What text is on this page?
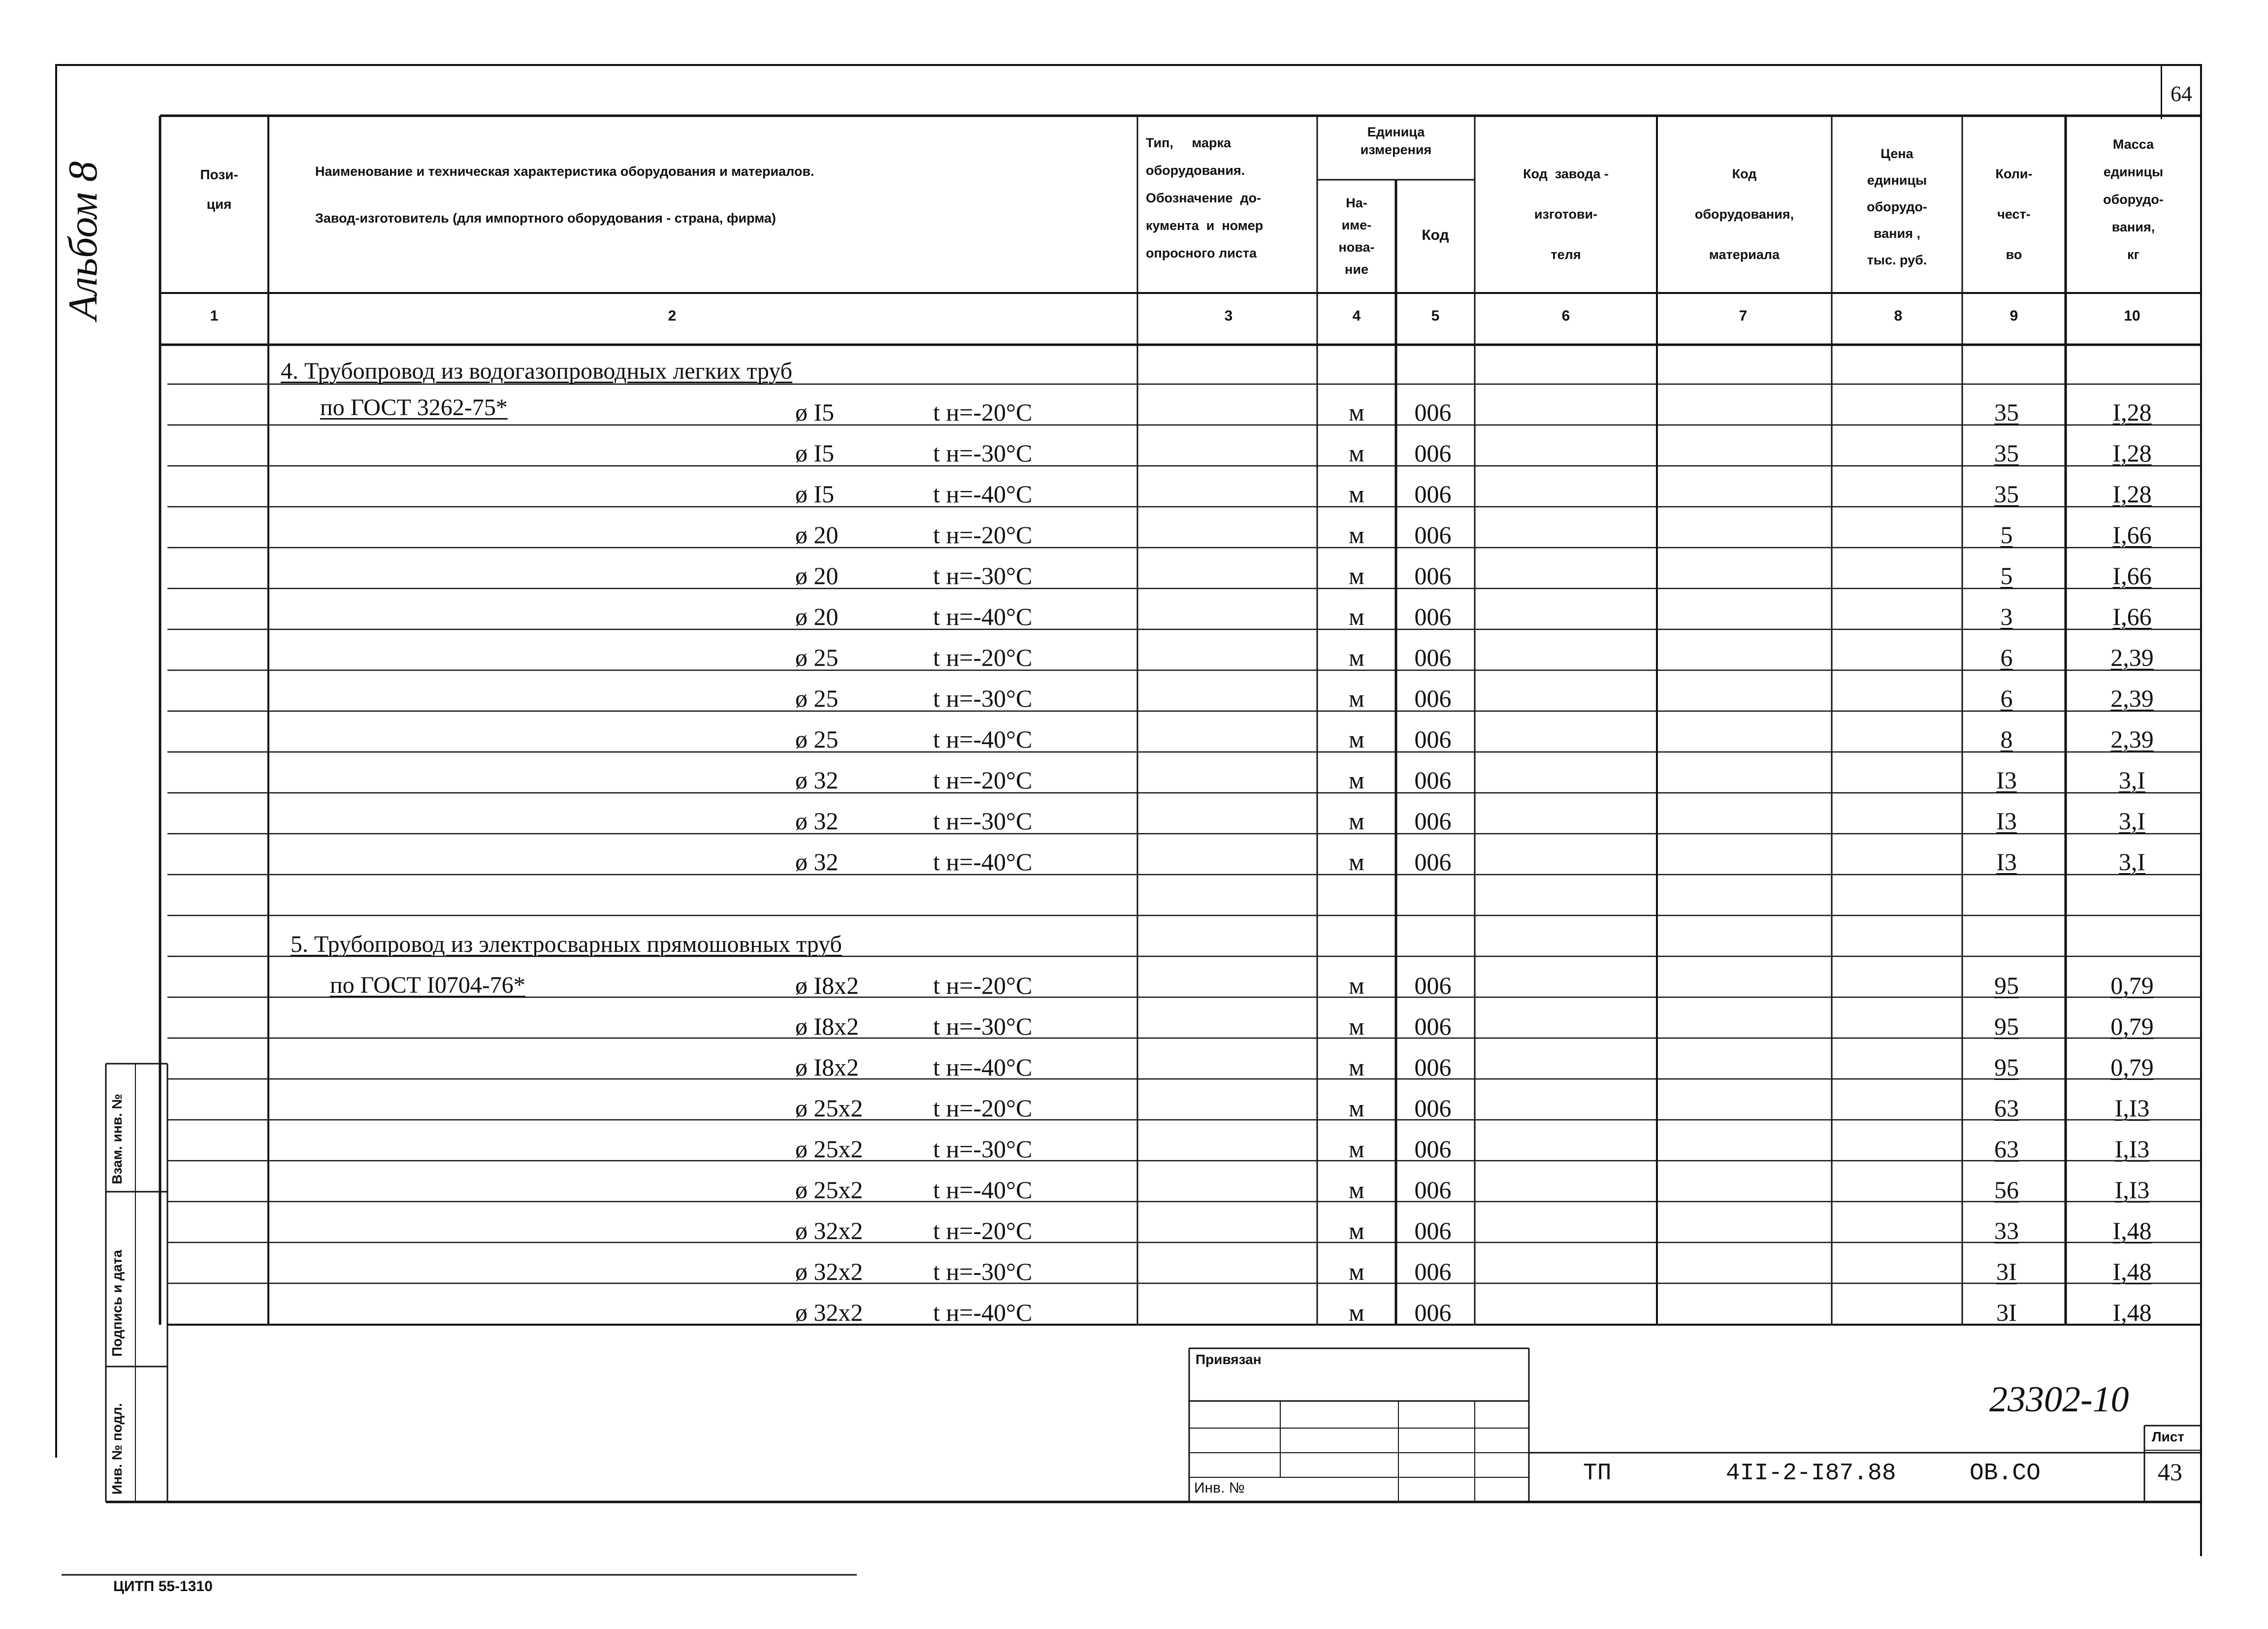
64
Альбом 8	Пози-
ция
Наименование и техническая характеристика оборудования и материалов.
Завод-изготовитель (для импортного оборудования - страна, фирма)
Тип,     марка
оборудования.
Обозначение  до-
кумента  и  номер
опросного листа
Единица
измерения
На-
име-
нова-
ние
Код
Код  завода -
изготови-
теля
Код
оборудования,
материала
Цена
единицы
оборудо-
вания ,
тыс. руб.
Коли-
чест-
во
Масса
единицы
оборудо-
вания,
кг
1	2	3	4	5	6	7	8	9	10
4. Трубопровод из водогазопроводных легких труб
по ГОСТ 3262-75*
5. Трубопровод из электросварных прямошовных труб
по ГОСТ I0704-76*
ø I5	t н=-20°C	м	006	35	I,28
ø I5	t н=-30°C	м	006	35	I,28
ø I5	t н=-40°C	м	006	35	I,28
ø 20	t н=-20°C	м	006	5	I,66
ø 20	t н=-30°C	м	006	5	I,66
ø 20	t н=-40°C	м	006	3	I,66
ø 25	t н=-20°C	м	006	6	2,39
ø 25	t н=-30°C	м	006	6	2,39
ø 25	t н=-40°C	м	006	8	2,39
ø 32	t н=-20°C	м	006	I3	3,I
ø 32	t н=-30°C	м	006	I3	3,I
ø 32	t н=-40°C	м	006	I3	3,I
ø I8x2	t н=-20°C	м	006	95	0,79
ø I8x2	t н=-30°C	м	006	95	0,79
ø I8x2	t н=-40°C	м	006	95	0,79
ø 25x2	t н=-20°C	м	006	63	I,I3
ø 25x2	t н=-30°C	м	006	63	I,I3
ø 25x2	t н=-40°C	м	006	56	I,I3
ø 32x2	t н=-20°C	м	006	33	I,48
ø 32x2	t н=-30°C	м	006	3I	I,48
ø 32x2	t н=-40°C	м	006	3I	I,48
Взам. инв. №
Подпись и дата
Инв. № подл.
Привязан
Инв. №
23302-10
ТП	4II-2-I87.88	ОВ.СО
Лист
43
ЦИТП 55-1310
